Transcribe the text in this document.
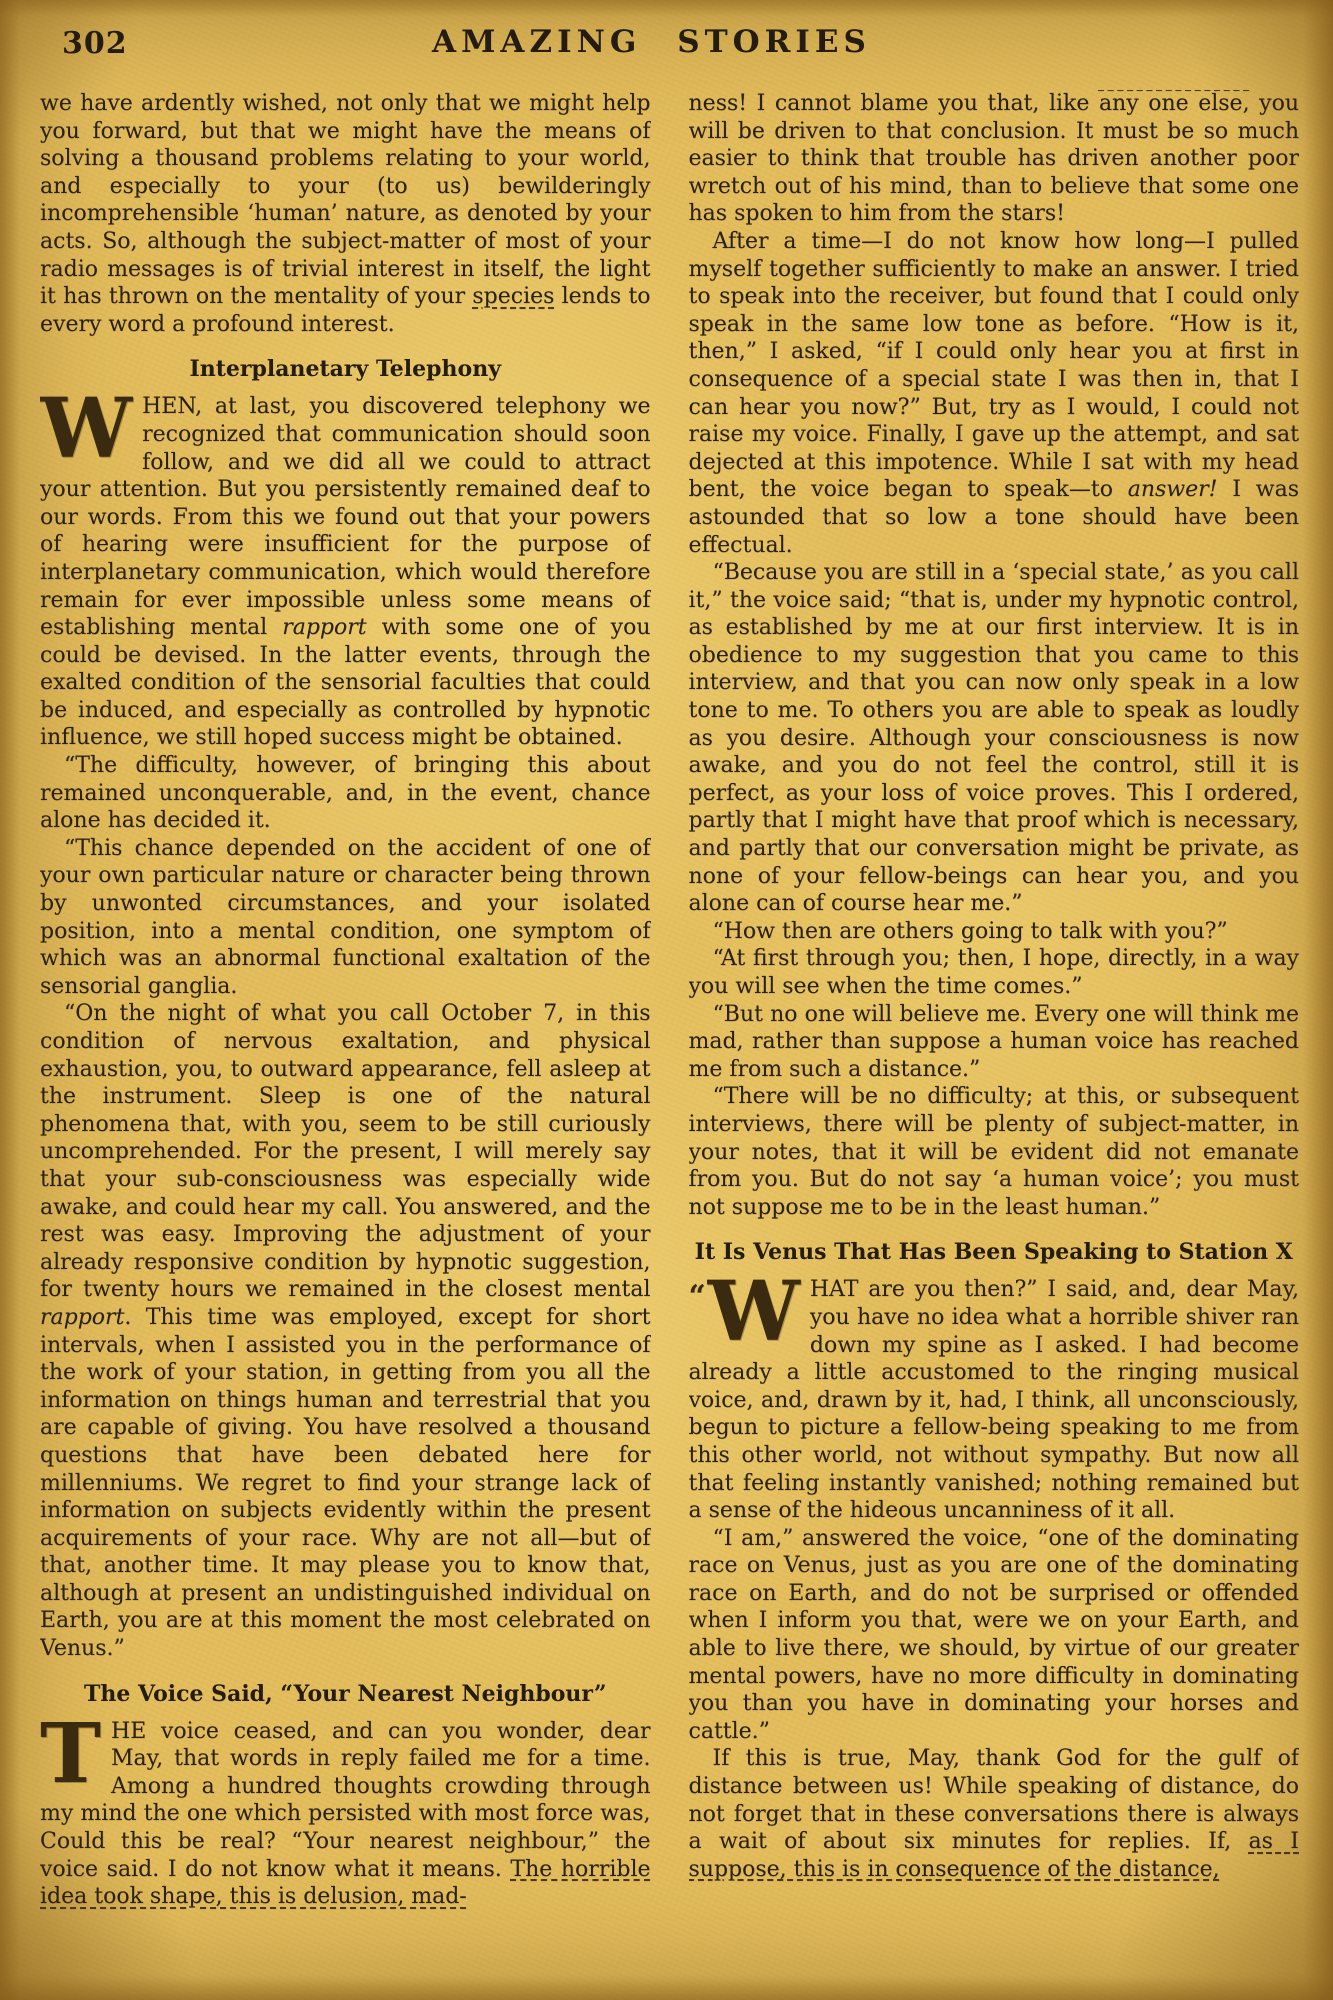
302	AMAZING STORIES

we have ardently wished, not only that we might help you forward, but that we might have the means of solving a thousand problems relating to your world, and especially to your (to us) bewilderingly incomprehensible ‘human’ nature, as denoted by your acts. So, although the subject-matter of most of your radio messages is of trivial interest in itself, the light it has thrown on the mentality of your species lends to every word a profound interest.

Interplanetary Telephony

WHEN, at last, you discovered telephony we recognized that communication should soon follow, and we did all we could to attract your attention. But you persistently remained deaf to our words. From this we found out that your powers of hearing were insufficient for the purpose of interplanetary communication, which would therefore remain for ever impossible unless some means of establishing mental rapport with some one of you could be devised. In the latter events, through the exalted condition of the sensorial faculties that could be induced, and especially as controlled by hypnotic influence, we still hoped success might be obtained.

“The difficulty, however, of bringing this about remained unconquerable, and, in the event, chance alone has decided it.

“This chance depended on the accident of one of your own particular nature or character being thrown by unwonted circumstances, and your isolated position, into a mental condition, one symptom of which was an abnormal functional exaltation of the sensorial ganglia.

“On the night of what you call October 7, in this condition of nervous exaltation, and physical exhaustion, you, to outward appearance, fell asleep at the instrument. Sleep is one of the natural phenomena that, with you, seem to be still curiously uncomprehended. For the present, I will merely say that your sub-consciousness was especially wide awake, and could hear my call. You answered, and the rest was easy. Improving the adjustment of your already responsive condition by hypnotic suggestion, for twenty hours we remained in the closest mental rapport. This time was employed, except for short intervals, when I assisted you in the performance of the work of your station, in getting from you all the information on things human and terrestrial that you are capable of giving. You have resolved a thousand questions that have been debated here for millenniums. We regret to find your strange lack of information on subjects evidently within the present acquirements of your race. Why are not all—but of that, another time. It may please you to know that, although at present an undistinguished individual on Earth, you are at this moment the most celebrated on Venus.”

The Voice Said, “Your Nearest Neighbour”

THE voice ceased, and can you wonder, dear May, that words in reply failed me for a time. Among a hundred thoughts crowding through my mind the one which persisted with most force was, Could this be real? “Your nearest neighbour,” the voice said. I do not know what it means. The horrible idea took shape, this is delusion, mad-

ness! I cannot blame you that, like any one else, you will be driven to that conclusion. It must be so much easier to think that trouble has driven another poor wretch out of his mind, than to believe that some one has spoken to him from the stars!

After a time—I do not know how long—I pulled myself together sufficiently to make an answer. I tried to speak into the receiver, but found that I could only speak in the same low tone as before. “How is it, then,” I asked, “if I could only hear you at first in consequence of a special state I was then in, that I can hear you now?” But, try as I would, I could not raise my voice. Finally, I gave up the attempt, and sat dejected at this impotence. While I sat with my head bent, the voice began to speak—to answer! I was astounded that so low a tone should have been effectual.

“Because you are still in a ‘special state,’ as you call it,” the voice said; “that is, under my hypnotic control, as established by me at our first interview. It is in obedience to my suggestion that you came to this interview, and that you can now only speak in a low tone to me. To others you are able to speak as loudly as you desire. Although your consciousness is now awake, and you do not feel the control, still it is perfect, as your loss of voice proves. This I ordered, partly that I might have that proof which is necessary, and partly that our conversation might be private, as none of your fellow-beings can hear you, and you alone can of course hear me.”

“How then are others going to talk with you?”

“At first through you; then, I hope, directly, in a way you will see when the time comes.”

“But no one will believe me. Every one will think me mad, rather than suppose a human voice has reached me from such a distance.”

“There will be no difficulty; at this, or subsequent interviews, there will be plenty of subject-matter, in your notes, that it will be evident did not emanate from you. But do not say ‘a human voice’; you must not suppose me to be in the least human.”

It Is Venus That Has Been Speaking to Station X

“W HAT are you then?” I said, and, dear May, you have no idea what a horrible shiver ran down my spine as I asked. I had become already a little accustomed to the ringing musical voice, and, drawn by it, had, I think, all unconsciously, begun to picture a fellow-being speaking to me from this other world, not without sympathy. But now all that feeling instantly vanished; nothing remained but a sense of the hideous uncanniness of it all.

“I am,” answered the voice, “one of the dominating race on Venus, just as you are one of the dominating race on Earth, and do not be surprised or offended when I inform you that, were we on your Earth, and able to live there, we should, by virtue of our greater mental powers, have no more difficulty in dominating you than you have in dominating your horses and cattle.”

If this is true, May, thank God for the gulf of distance between us! While speaking of distance, do not forget that in these conversations there is always a wait of about six minutes for replies. If, as I suppose, this is in consequence of the distance,
